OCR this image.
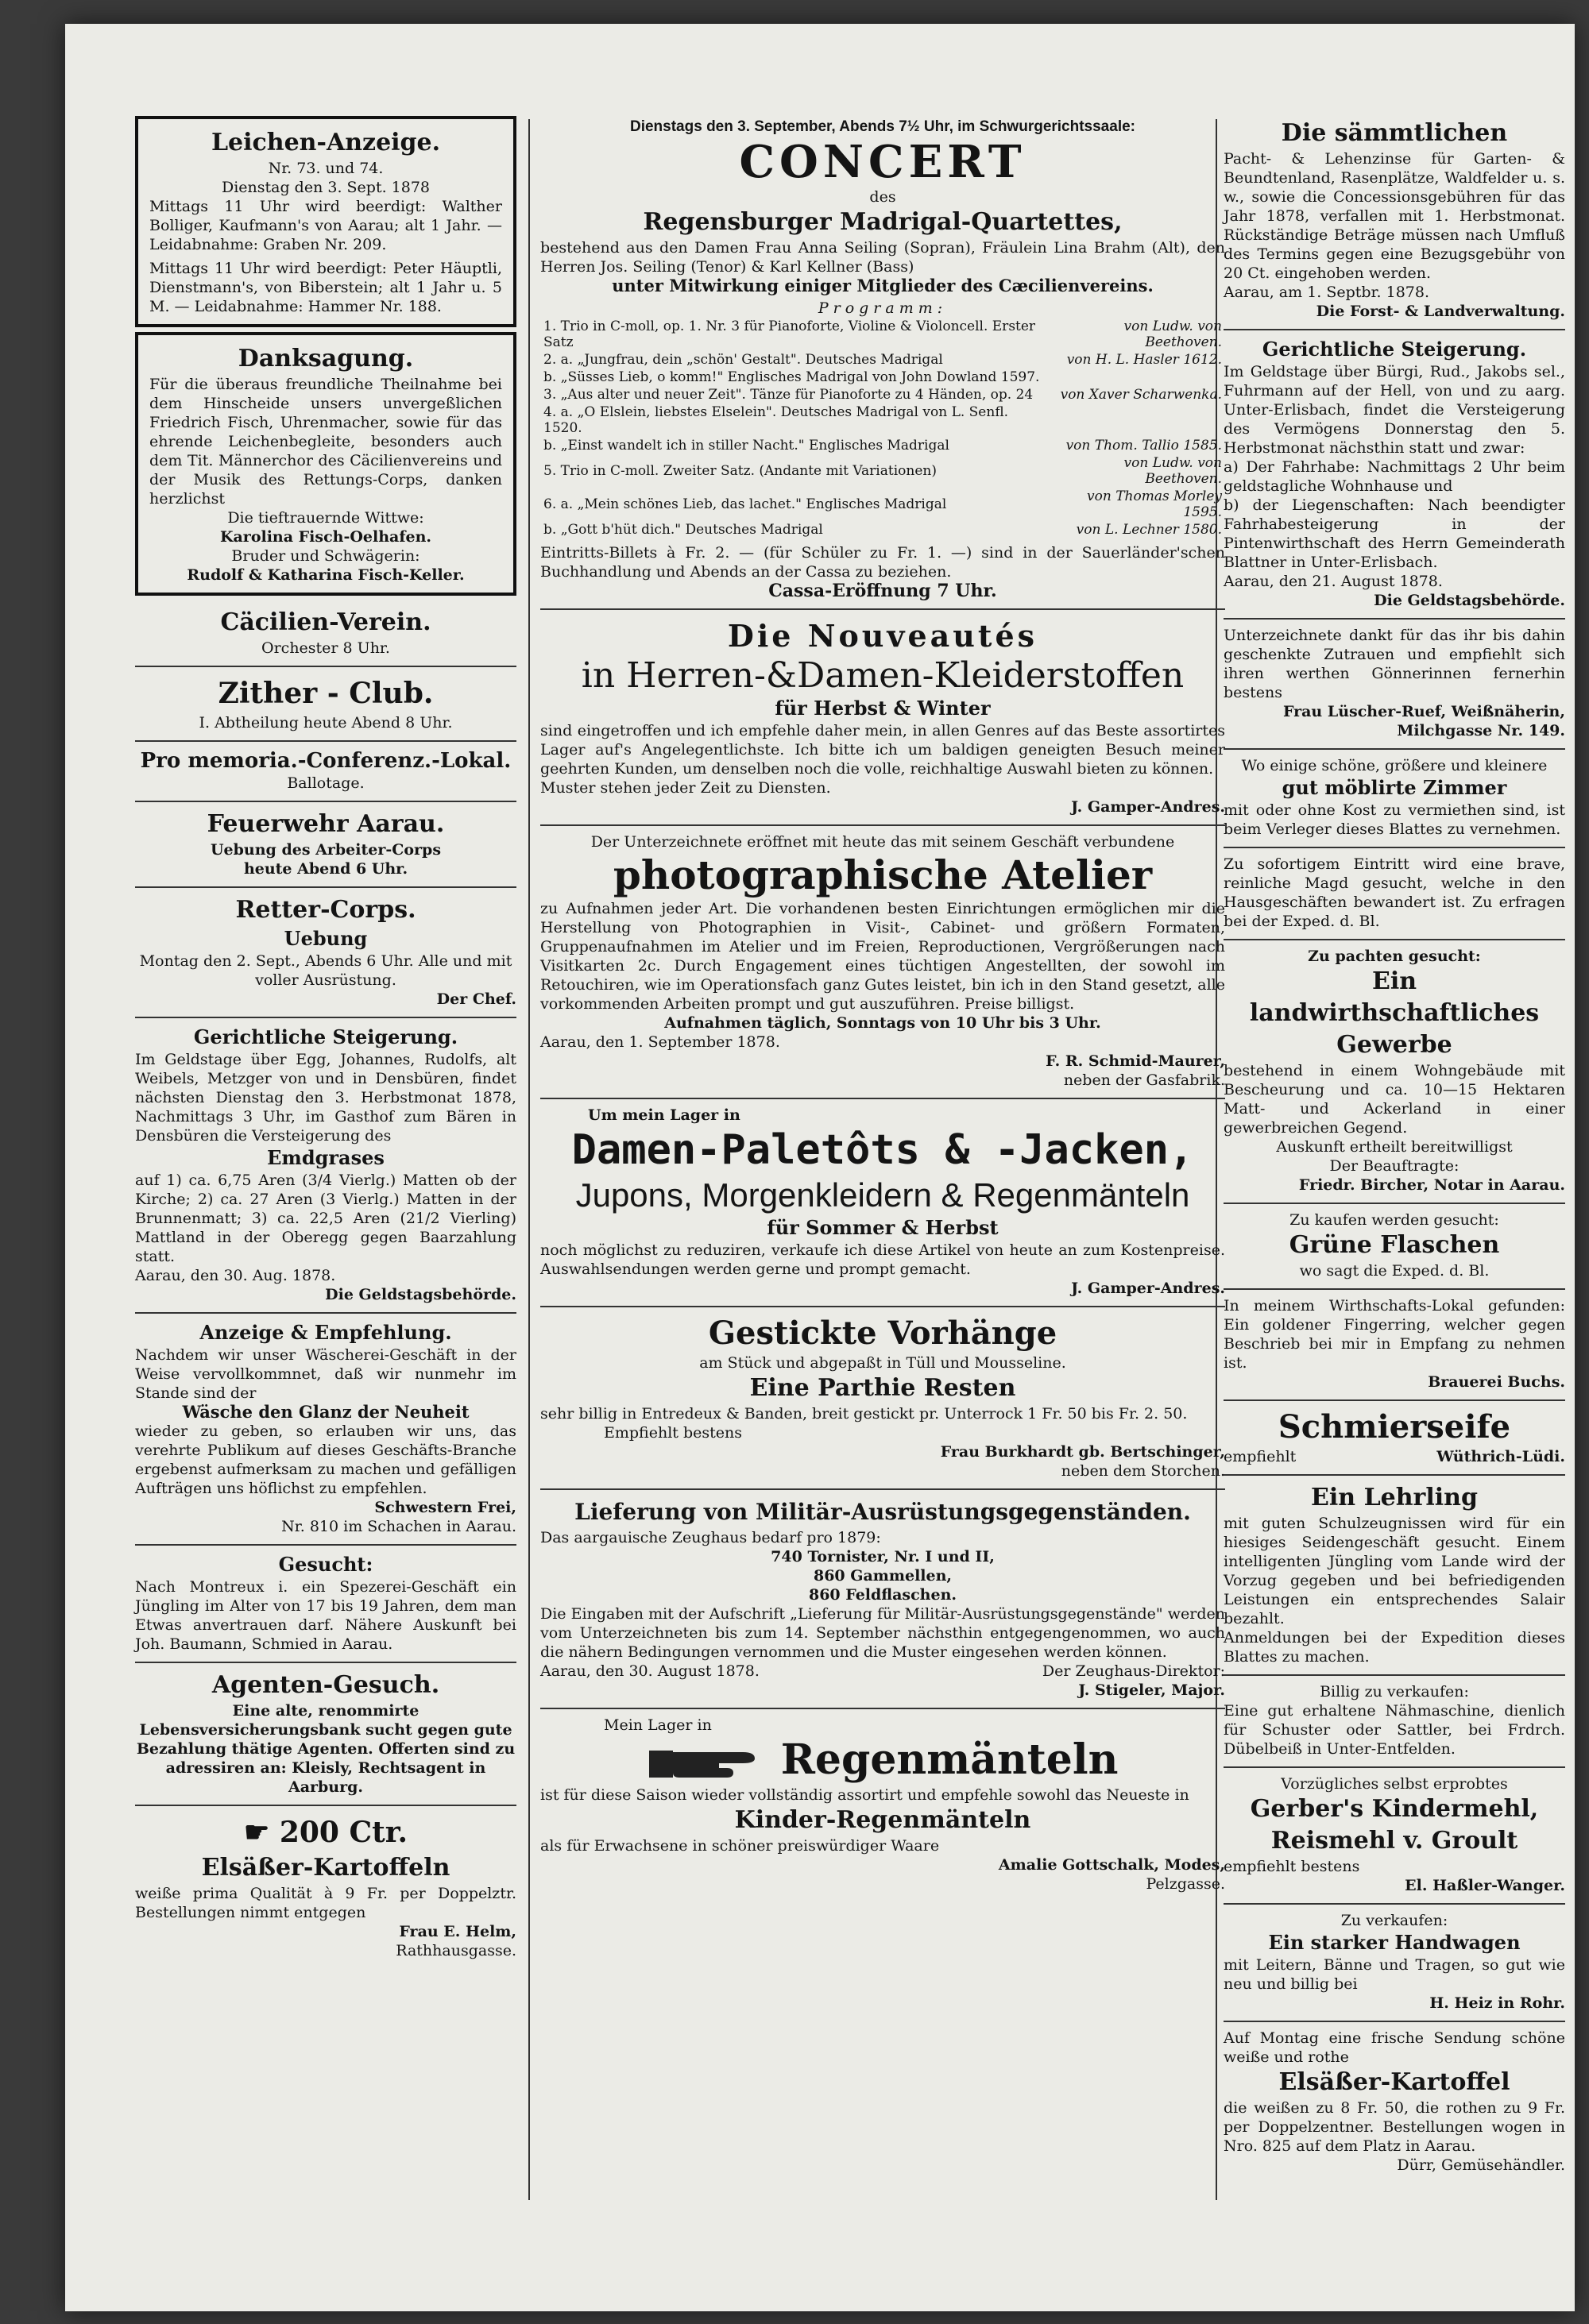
Leichen-Anzeige.

Nr. 73. und 74.

Dienstag den 3. Sept. 1878

Mittags 11 Uhr wird beerdigt: Walther Bolliger, Kaufmann's von Aarau; alt 1 Jahr. — Leidabnahme: Graben Nr. 209.

Mittags 11 Uhr wird beerdigt: Peter Häuptli, Dienstmann's, von Biberstein; alt 1 Jahr u. 5 M. — Leidabnahme: Hammer Nr. 188.

Danksagung.

Für die überaus freundliche Theilnahme bei dem Hinscheide unsers unvergeßlichen Friedrich Fisch, Uhrenmacher, sowie für das ehrende Leichenbegleite, besonders auch dem Tit. Männerchor des Cäcilienvereins und der Musik des Rettungs-Corps, danken herzlichst

Die tieftrauernde Wittwe:

Karolina Fisch-Oelhafen.

Bruder und Schwägerin:

Rudolf & Katharina Fisch-Keller.

Cäcilien-Verein.

Orchester 8 Uhr.

Zither - Club.

I. Abtheilung heute Abend 8 Uhr.

Pro memoria.-Conferenz.-Lokal.

Ballotage.

Feuerwehr Aarau.

Uebung des Arbeiter-Corps

heute Abend 6 Uhr.

Retter-Corps.

Uebung

Montag den 2. Sept., Abends 6 Uhr. Alle und mit voller Ausrüstung.

Der Chef.

Gerichtliche Steigerung.

Im Geldstage über Egg, Johannes, Rudolfs, alt Weibels, Metzger von und in Densbüren, findet nächsten Dienstag den 3. Herbstmonat 1878, Nachmittags 3 Uhr, im Gasthof zum Bären in Densbüren die Versteigerung des

Emdgrases

auf 1) ca. 6,75 Aren (3/4 Vierlg.) Matten ob der Kirche; 2) ca. 27 Aren (3 Vierlg.) Matten in der Brunnenmatt; 3) ca. 22,5 Aren (21/2 Vierling) Mattland in der Oberegg gegen Baarzahlung statt.

Aarau, den 30. Aug. 1878.

Die Geldstagsbehörde.

Anzeige & Empfehlung.

Nachdem wir unser Wäscherei-Geschäft in der Weise vervollkommnet, daß wir nunmehr im Stande sind der

Wäsche den Glanz der Neuheit

wieder zu geben, so erlauben wir uns, das verehrte Publikum auf dieses Geschäfts-Branche ergebenst aufmerksam zu machen und gefälligen Aufträgen uns höflichst zu empfehlen.

Schwestern Frei,

Nr. 810 im Schachen in Aarau.

Gesucht:

Nach Montreux i. ein Spezerei-Geschäft ein Jüngling im Alter von 17 bis 19 Jahren, dem man Etwas anvertrauen darf. Nähere Auskunft bei Joh. Baumann, Schmied in Aarau.

Agenten-Gesuch.

Eine alte, renommirte Lebensversicherungsbank sucht gegen gute Bezahlung thätige Agenten. Offerten sind zu adressiren an: Kleisly, Rechtsagent in Aarburg.

☛ 200 Ctr.

Elsäßer-Kartoffeln

weiße prima Qualität à 9 Fr. per Doppelztr. Bestellungen nimmt entgegen

Frau E. Helm,

Rathhausgasse.

Dienstags den 3. September, Abends 7½ Uhr, im Schwurgerichtssaale:

CONCERT

des

Regensburger Madrigal-Quartettes,

bestehend aus den Damen Frau Anna Seiling (Sopran), Fräulein Lina Brahm (Alt), den Herren Jos. Seiling (Tenor) & Karl Kellner (Bass)

unter Mitwirkung einiger Mitglieder des Cæcilienvereins.

Programm:

1. Trio in C-moll, op. 1. Nr. 3 für Pianoforte, Violine & Violoncell. Erster Satz	von Ludw. von Beethoven.
2. a. „Jungfrau, dein „schön' Gestalt". Deutsches Madrigal	von H. L. Hasler 1612.
b. „Süsses Lieb, o komm!" Englisches Madrigal von John Dowland 1597.	
3. „Aus alter und neuer Zeit". Tänze für Pianoforte zu 4 Händen, op. 24	von Xaver Scharwenka.
4. a. „O Elslein, liebstes Elselein". Deutsches Madrigal von L. Senfl. 1520.	
b. „Einst wandelt ich in stiller Nacht." Englisches Madrigal	von Thom. Tallio 1585.
5. Trio in C-moll. Zweiter Satz. (Andante mit Variationen)	von Ludw. von Beethoven.
6. a. „Mein schönes Lieb, das lachet." Englisches Madrigal	von Thomas Morley 1595.
b. „Gott b'hüt dich." Deutsches Madrigal	von L. Lechner 1580.

Eintritts-Billets à Fr. 2. — (für Schüler zu Fr. 1. —) sind in der Sauerländer'schen Buchhandlung und Abends an der Cassa zu beziehen.

Cassa-Eröffnung 7 Uhr.

Die Nouveautés

in Herren-&Damen-Kleiderstoffen

für Herbst & Winter

sind eingetroffen und ich empfehle daher mein, in allen Genres auf das Beste assortirtes Lager auf's Angelegentlichste. Ich bitte ich um baldigen geneigten Besuch meiner geehrten Kunden, um denselben noch die volle, reichhaltige Auswahl bieten zu können.

Muster stehen jeder Zeit zu Diensten.

J. Gamper-Andres.

Der Unterzeichnete eröffnet mit heute das mit seinem Geschäft verbundene

photographische Atelier

zu Aufnahmen jeder Art. Die vorhandenen besten Einrichtungen ermöglichen mir die Herstellung von Photographien in Visit-, Cabinet- und größern Formaten, Gruppenaufnahmen im Atelier und im Freien, Reproductionen, Vergrößerungen nach Visitkarten 2c. Durch Engagement eines tüchtigen Angestellten, der sowohl im Retouchiren, wie im Operationsfach ganz Gutes leistet, bin ich in den Stand gesetzt, alle vorkommenden Arbeiten prompt und gut auszuführen. Preise billigst.

Aufnahmen täglich, Sonntags von 10 Uhr bis 3 Uhr.

Aarau, den 1. September 1878.

F. R. Schmid-Maurer,

neben der Gasfabrik.

Um mein Lager in

Damen-Paletôts & -Jacken,

Jupons, Morgenkleidern & Regenmänteln

für Sommer & Herbst

noch möglichst zu reduziren, verkaufe ich diese Artikel von heute an zum Kostenpreise. Auswahlsendungen werden gerne und prompt gemacht.

J. Gamper-Andres.

Gestickte Vorhänge

am Stück und abgepaßt in Tüll und Mousseline.

Eine Parthie Resten

sehr billig in Entredeux & Banden, breit gestickt pr. Unterrock 1 Fr. 50 bis Fr. 2. 50.

Empfiehlt bestens

Frau Burkhardt gb. Bertschinger,

neben dem Storchen.

Lieferung von Militär-Ausrüstungsgegenständen.

Das aargauische Zeughaus bedarf pro 1879:

740 Tornister, Nr. I und II,

860 Gammellen,

860 Feldflaschen.

Die Eingaben mit der Aufschrift „Lieferung für Militär-Ausrüstungsgegenstände" werden vom Unterzeichneten bis zum 14. September nächsthin entgegengenommen, wo auch die nähern Bedingungen vernommen und die Muster eingesehen werden können.

Aarau, den 30. August 1878.	Der Zeughaus-Direktor:

J. Stigeler, Major.

Mein Lager in

Regenmänteln

ist für diese Saison wieder vollständig assortirt und empfehle sowohl das Neueste in

Kinder-Regenmänteln

als für Erwachsene in schöner preiswürdiger Waare

Amalie Gottschalk, Modes,

Pelzgasse.

Die sämmtlichen

Pacht- & Lehenzinse für Garten- & Beundtenland, Rasenplätze, Waldfelder u. s. w., sowie die Concessionsgebühren für das Jahr 1878, verfallen mit 1. Herbstmonat. Rückständige Beträge müssen nach Umfluß des Termins gegen eine Bezugsgebühr von 20 Ct. eingehoben werden.

Aarau, am 1. Septbr. 1878.

Die Forst- & Landverwaltung.

Gerichtliche Steigerung.

Im Geldstage über Bürgi, Rud., Jakobs sel., Fuhrmann auf der Hell, von und zu aarg. Unter-Erlisbach, findet die Versteigerung des Vermögens Donnerstag den 5. Herbstmonat nächsthin statt und zwar:

a) Der Fahrhabe: Nachmittags 2 Uhr beim geldstagliche Wohnhause und

b) der Liegenschaften: Nach beendigter Fahrhabesteigerung in der Pintenwirthschaft des Herrn Gemeinderath Blattner in Unter-Erlisbach.

Aarau, den 21. August 1878.

Die Geldstagsbehörde.

Unterzeichnete dankt für das ihr bis dahin geschenkte Zutrauen und empfiehlt sich ihren werthen Gönnerinnen fernerhin bestens

Frau Lüscher-Ruef, Weißnäherin, Milchgasse Nr. 149.

Wo einige schöne, größere und kleinere

gut möblirte Zimmer

mit oder ohne Kost zu vermiethen sind, ist beim Verleger dieses Blattes zu vernehmen.

Zu sofortigem Eintritt wird eine brave, reinliche Magd gesucht, welche in den Hausgeschäften bewandert ist. Zu erfragen bei der Exped. d. Bl.

Zu pachten gesucht:

Ein landwirthschaftliches Gewerbe

bestehend in einem Wohngebäude mit Bescheurung und ca. 10—15 Hektaren Matt- und Ackerland in einer gewerbreichen Gegend.

Auskunft ertheilt bereitwilligst

Der Beauftragte:

Friedr. Bircher, Notar in Aarau.

Zu kaufen werden gesucht:

Grüne Flaschen

wo sagt die Exped. d. Bl.

In meinem Wirthschafts-Lokal gefunden: Ein goldener Fingerring, welcher gegen Beschrieb bei mir in Empfang zu nehmen ist.

Brauerei Buchs.

Schmierseife

empfiehlt	Wüthrich-Lüdi.

Ein Lehrling

mit guten Schulzeugnissen wird für ein hiesiges Seidengeschäft gesucht. Einem intelligenten Jüngling vom Lande wird der Vorzug gegeben und bei befriedigenden Leistungen ein entsprechendes Salair bezahlt.

Anmeldungen bei der Expedition dieses Blattes zu machen.

Billig zu verkaufen:

Eine gut erhaltene Nähmaschine, dienlich für Schuster oder Sattler, bei Frdrch. Dübelbeiß in Unter-Entfelden.

Vorzügliches selbst erprobtes

Gerber's Kindermehl,

Reismehl v. Groult

empfiehlt bestens

El. Haßler-Wanger.

Zu verkaufen:

Ein starker Handwagen

mit Leitern, Bänne und Tragen, so gut wie neu und billig bei

H. Heiz in Rohr.

Auf Montag eine frische Sendung schöne weiße und rothe

Elsäßer-Kartoffel

die weißen zu 8 Fr. 50, die rothen zu 9 Fr. per Doppelzentner. Bestellungen wogen in Nro. 825 auf dem Platz in Aarau.

Dürr, Gemüsehändler.
